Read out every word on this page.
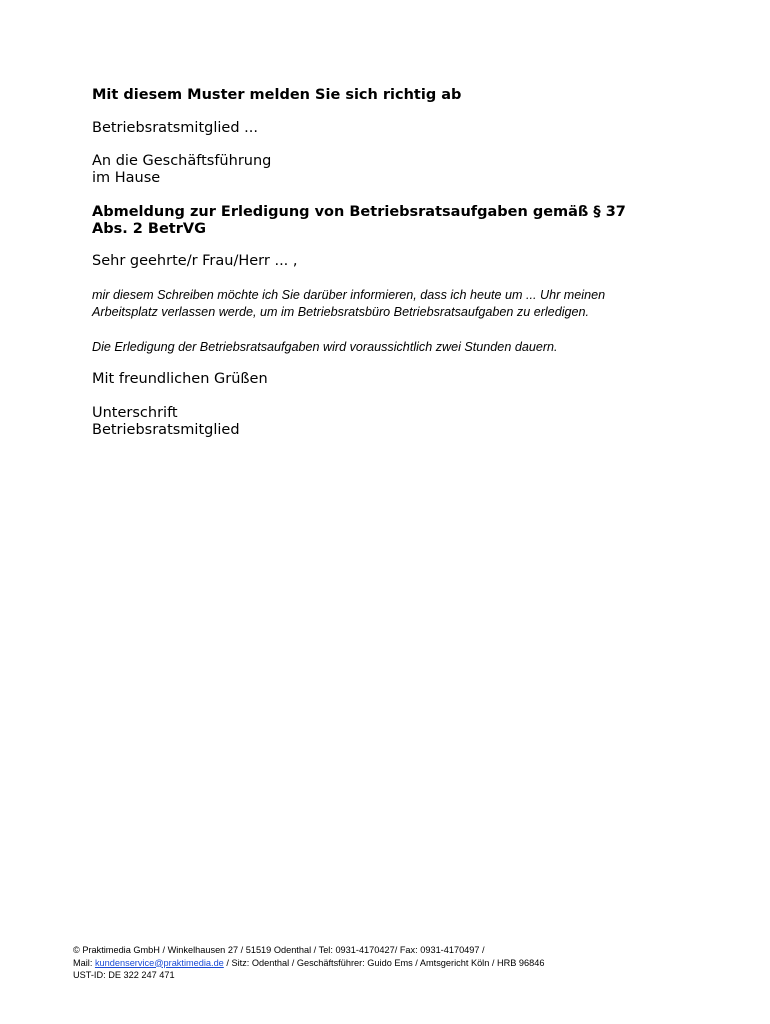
Mit diesem Muster melden Sie sich richtig ab
Betriebsratsmitglied ...
An die Geschäftsführung
im Hause
Abmeldung zur Erledigung von Betriebsratsaufgaben gemäß § 37
Abs. 2 BetrVG
Sehr geehrte/r Frau/Herr ... ,
mir diesem Schreiben möchte ich Sie darüber informieren, dass ich heute um ... Uhr meinen
Arbeitsplatz verlassen werde, um im Betriebsratsbüro Betriebsratsaufgaben zu erledigen.
Die Erledigung der Betriebsratsaufgaben wird voraussichtlich zwei Stunden dauern.
Mit freundlichen Grüßen
Unterschrift
Betriebsratsmitglied
© Praktimedia GmbH / Winkelhausen 27 / 51519 Odenthal / Tel: 0931-4170427/ Fax: 0931-4170497 /
Mail: kundenservice@praktimedia.de / Sitz: Odenthal / Geschäftsführer: Guido Ems / Amtsgericht Köln / HRB 96846
UST-ID: DE 322 247 471
